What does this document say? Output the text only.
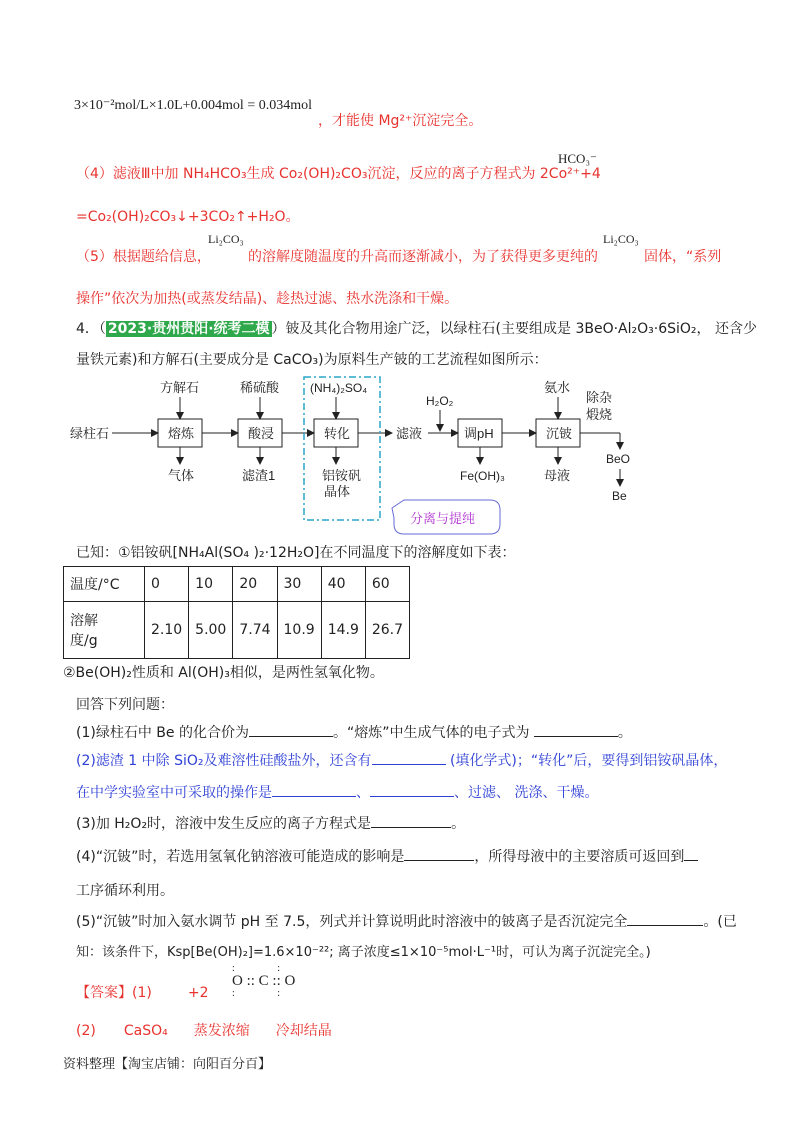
3×10⁻²mol/L×1.0L+0.004mol = 0.034mol
，才能使 Mg²⁺沉淀完全。
（4）滤液Ⅲ中加 NH₄HCO₃生成 Co₂(OH)₂CO₃沉淀，反应的离子方程式为 2Co²⁺+4
HCO₃⁻
=Co₂(OH)₂CO₃↓+3CO₂↑+H₂O。
（5）根据题给信息，
Li₂CO₃
的溶解度随温度的升高而逐渐减小，为了获得更多更纯的
Li₂CO₃
固体，“系列
操作”依次为加热(或蒸发结晶)、趁热过滤、热水洗涤和干燥。
4．（ 2023·贵州贵阳·统考二模 ）铍及其化合物用途广泛，以绿柱石(主要组成是 3BeO·Al₂O₃·6SiO₂， 还含少
量铁元素)和方解石(主要成分是 CaCO₃)为原料生产铍的工艺流程如图所示：
绿柱石	熔炼
方解石
气体
酸浸
稀硫酸
滤渣1
转化
(NH₄)₂SO₄
铝铵矾
晶体
滤液
H₂O₂
调pH
Fe(OH)₃
沉铍
氨水
母液
除杂
煅烧
BeO
Be
分离与提纯
已知：①铝铵矾[NH₄Al(SO₄ )₂·12H₂O]在不同温度下的溶解度如下表：
温度/°C	0	10	20	30	40	60
溶解
度/g	2.10	5.00	7.74	10.9	14.9	26.7
②Be(OH)₂性质和 Al(OH)₃相似，是两性氢氧化物。
回答下列问题：
(1)绿柱石中 Be 的化合价为	。“熔炼”中生成气体的电子式为	。
(2)滤渣 1 中除 SiO₂及难溶性硅酸盐外，还含有	(填化学式)；“转化”后，要得到铝铵矾晶体，
在中学实验室中可采取的操作是	、	、过滤、 洗涤、干燥。
(3)加 H₂O₂时，溶液中发生反应的离子方程式是	。
(4)“沉铍”时，若选用氢氧化钠溶液可能造成的影响是	，所得母液中的主要溶质可返回到
工序循环利用。
(5)“沉铍”时加入氨水调节 pH 至 7.5，列式并计算说明此时溶液中的铍离子是否沉淀完全	。(已
知：该条件下，Ksp[Be(OH)₂]=1.6×10⁻²²; 离子浓度≤1×10⁻⁵mol·L⁻¹时，可认为离子沉淀完全。)
【答案】(1)	+2
:         :
O :: C :: O
:         :
(2) CaSO₄ 蒸发浓缩 冷却结晶
资料整理【淘宝店铺：向阳百分百】
